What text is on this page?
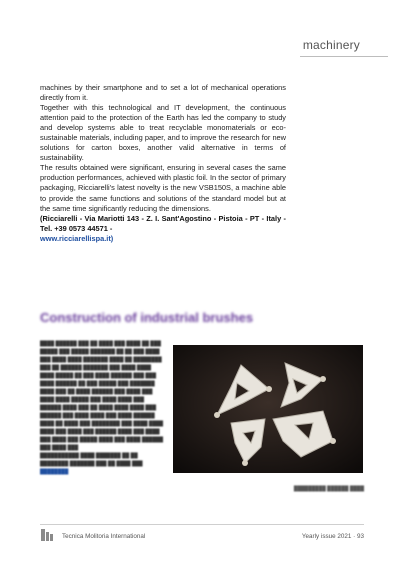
machinery

machines by their smartphone and to set a lot of mechanical operations directly from it.

Together with this technological and IT development, the continuous attention paid to the protection of the Earth has led the company to study and develop systems able to treat recyclable monomaterials or eco-sustainable materials, including paper, and to improve the research for new solutions for carton boxes, another valid alternative in terms of sustainability.

The results obtained were significant, ensuring in several cases the same production performances, achieved with plastic foil. In the sector of primary packaging, Ricciarelli's latest novelty is the new VSB150S, a machine able to provide the same functions and solutions of the standard model but at the same time significantly reducing the dimensions.

(Ricciarelli - Via Mariotti 143 - Z. I. Sant'Agostino - Pistoia - PT - Italy - Tel. +39 0573 44571 -
www.ricciarellispa.it)

Construction of industrial brushes

████ ██████ ███ ██ ████ ███ ████ ██ ███ █████ ███ █████ ███████ ██ ██ ███ ████ ███ ████ ████ ███████ ████ ██ ████████ ███ ██ ██████ ███████ ███ ████ ████ ████ █████ ██ ███ ████ ██████ ███ ███ ████ ██████ ██ ███ █████ ███ ███████ ████ ███ ██ ████ ██████ ███ ████ ███ ████ ████ █████ ███ ████ ████ ███ ██████ ████ ███ ██ ████ ████ ████ ███ ██████ ███ ████ ████ ███ ████ ██████ ████ ██ ████ ███ ████████ ███ ████ ████ ████ ███ ████ ███ ██████ ████ ███ ████ ███ ████ ███ █████ ████ ███ ████ ██████ ███ ████ ███

███████████ ████ ███████ ██ ██ ████████ ███████ ███ ██ ████ ███

████████

█████████ ██████ ████
Tecnica Molitoria International	Yearly issue 2021 · 93
